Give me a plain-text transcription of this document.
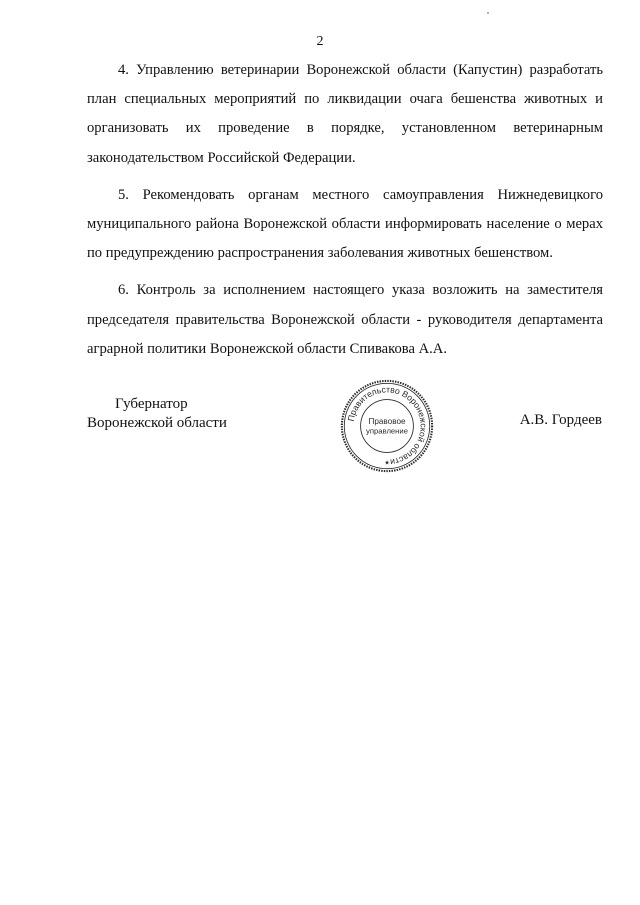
2

4. Управлению ветеринарии Воронежской области (Капустин) разработать план специальных мероприятий по ликвидации очага бешенства животных и организовать их проведение в порядке, установленном ветеринарным законодательством Российской Федерации.

5. Рекомендовать органам местного самоуправления Нижнедевицкого муниципального района Воронежской области информировать население о мерах по предупреждению распространения заболевания животных бешенством.

6. Контроль за исполнением настоящего указа возложить на заместителя председателя правительства Воронежской области - руководителя департамента аграрной политики Воронежской области Спивакова А.А.

Губернатор
Воронежской области	Правительство Воронежской области
Правовое
управление
★
А.В. Гордеев
